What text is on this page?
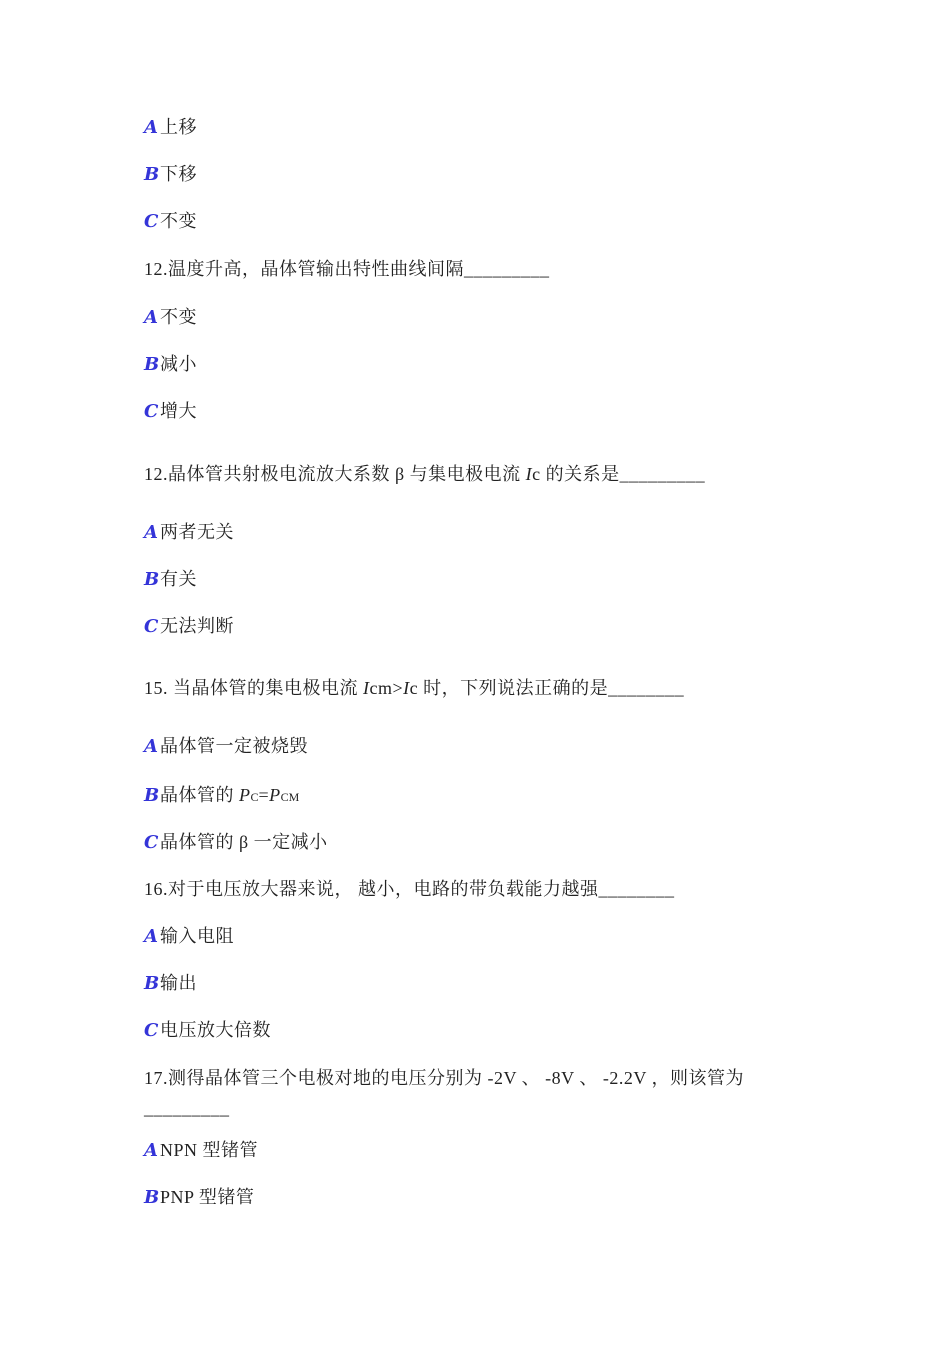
A 上移
B下移
C不变
12.温度升高，晶体管输出特性曲线间隔_________
A 不变
B减小
C增大
12.晶体管共射极电流放大系数 β 与集电极电流 Ic 的关系是_________
A 两者无关
B有关
C无法判断
15. 当晶体管的集电极电流 Icm>Ic 时，下列说法正确的是________
A 晶体管一定被烧毁
B晶体管的 PC=PCM
C晶体管的 β 一定减小
16.对于电压放大器来说， 越小，电路的带负载能力越强________
A 输入电阻
B输出
C电压放大倍数
17.测得晶体管三个电极对地的电压分别为 -2V 、 -8V 、 -2.2V ，则该管为
_________
A NPN 型锗管
BPNP 型锗管
